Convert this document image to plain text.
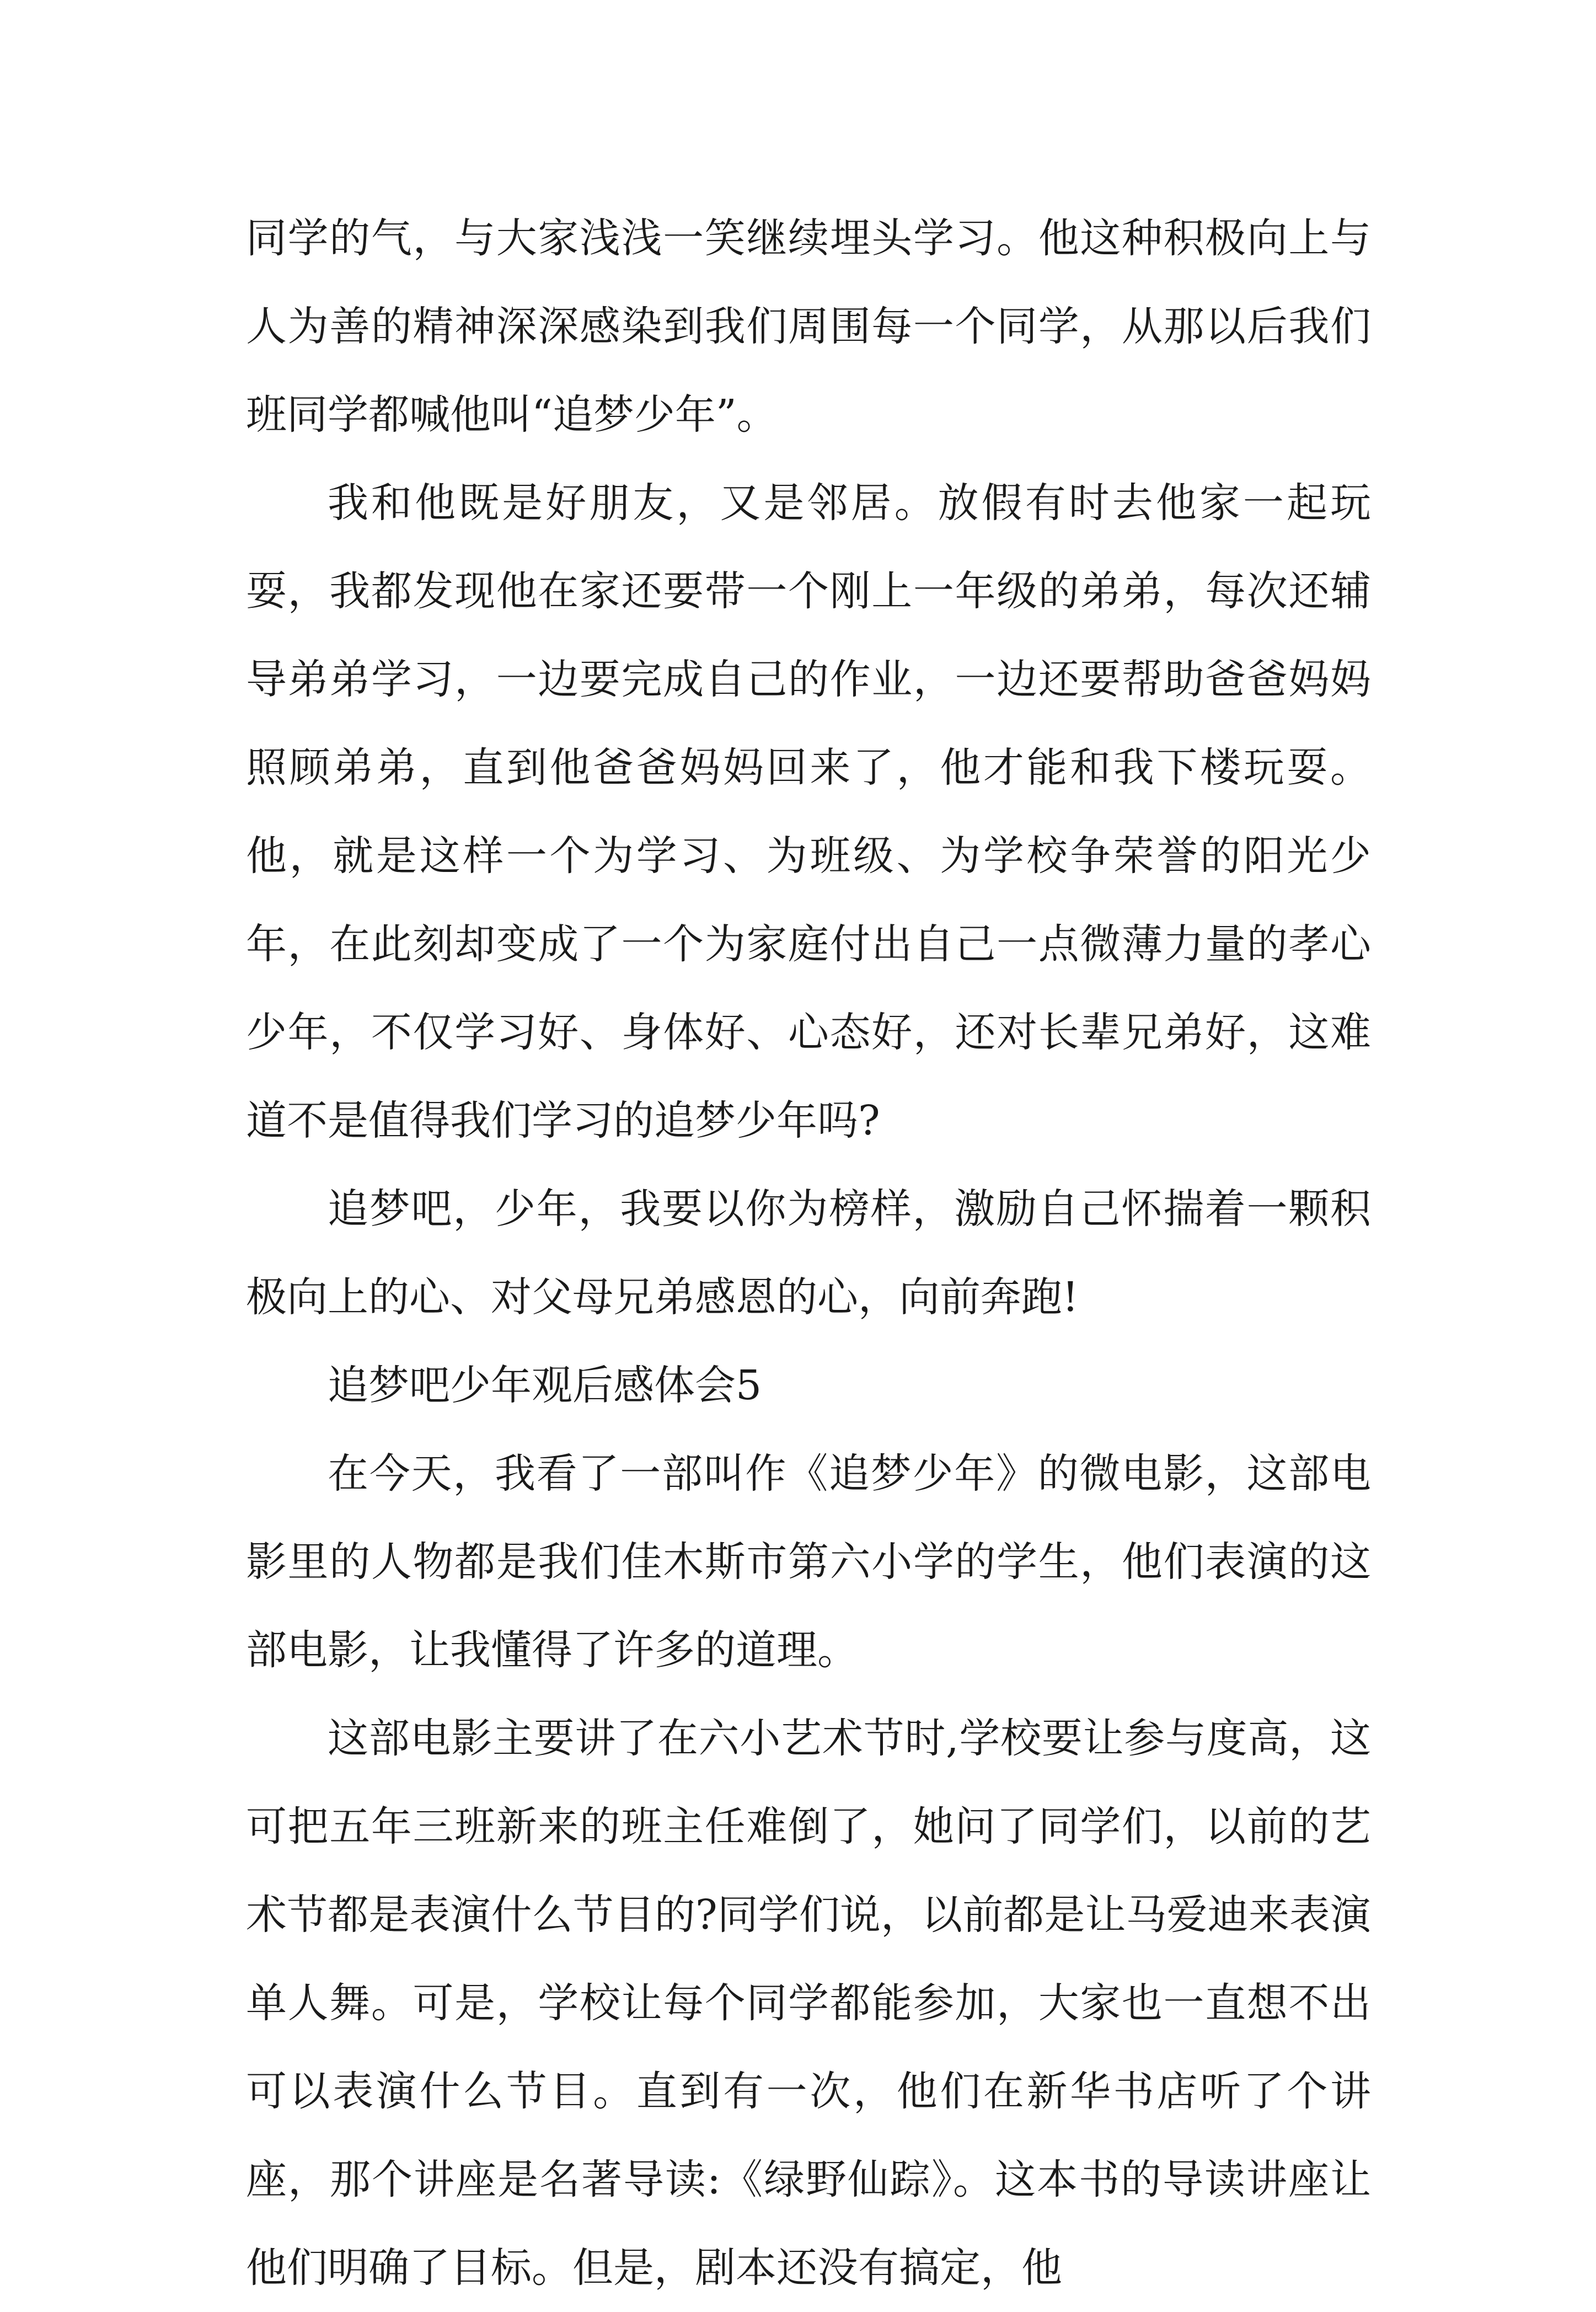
同学的气，与大家浅浅一笑继续埋头学习。他这种积极向上与人为善的精神深深感染到我们周围每一个同学，从那以后我们班同学都喊他叫“追梦少年”。

我和他既是好朋友，又是邻居。放假有时去他家一起玩耍，我都发现他在家还要带一个刚上一年级的弟弟，每次还辅导弟弟学习，一边要完成自己的作业，一边还要帮助爸爸妈妈照顾弟弟，直到他爸爸妈妈回来了，他才能和我下楼玩耍。他，就是这样一个为学习、为班级、为学校争荣誉的阳光少年，在此刻却变成了一个为家庭付出自己一点微薄力量的孝心少年，不仅学习好、身体好、心态好，还对长辈兄弟好，这难道不是值得我们学习的追梦少年吗?

追梦吧，少年，我要以你为榜样，激励自己怀揣着一颗积极向上的心、对父母兄弟感恩的心，向前奔跑!

追梦吧少年观后感体会5

在今天，我看了一部叫作《追梦少年》的微电影，这部电影里的人物都是我们佳木斯市第六小学的学生，他们表演的这部电影，让我懂得了许多的道理。

这部电影主要讲了在六小艺术节时,学校要让参与度高，这可把五年三班新来的班主任难倒了，她问了同学们，以前的艺术节都是表演什么节目的?同学们说，以前都是让马爱迪来表演单人舞。可是，学校让每个同学都能参加，大家也一直想不出可以表演什么节目。直到有一次，他们在新华书店听了个讲座，那个讲座是名著导读:《绿野仙踪》。这本书的导读讲座让他们明确了目标。但是，剧本还没有搞定，他
